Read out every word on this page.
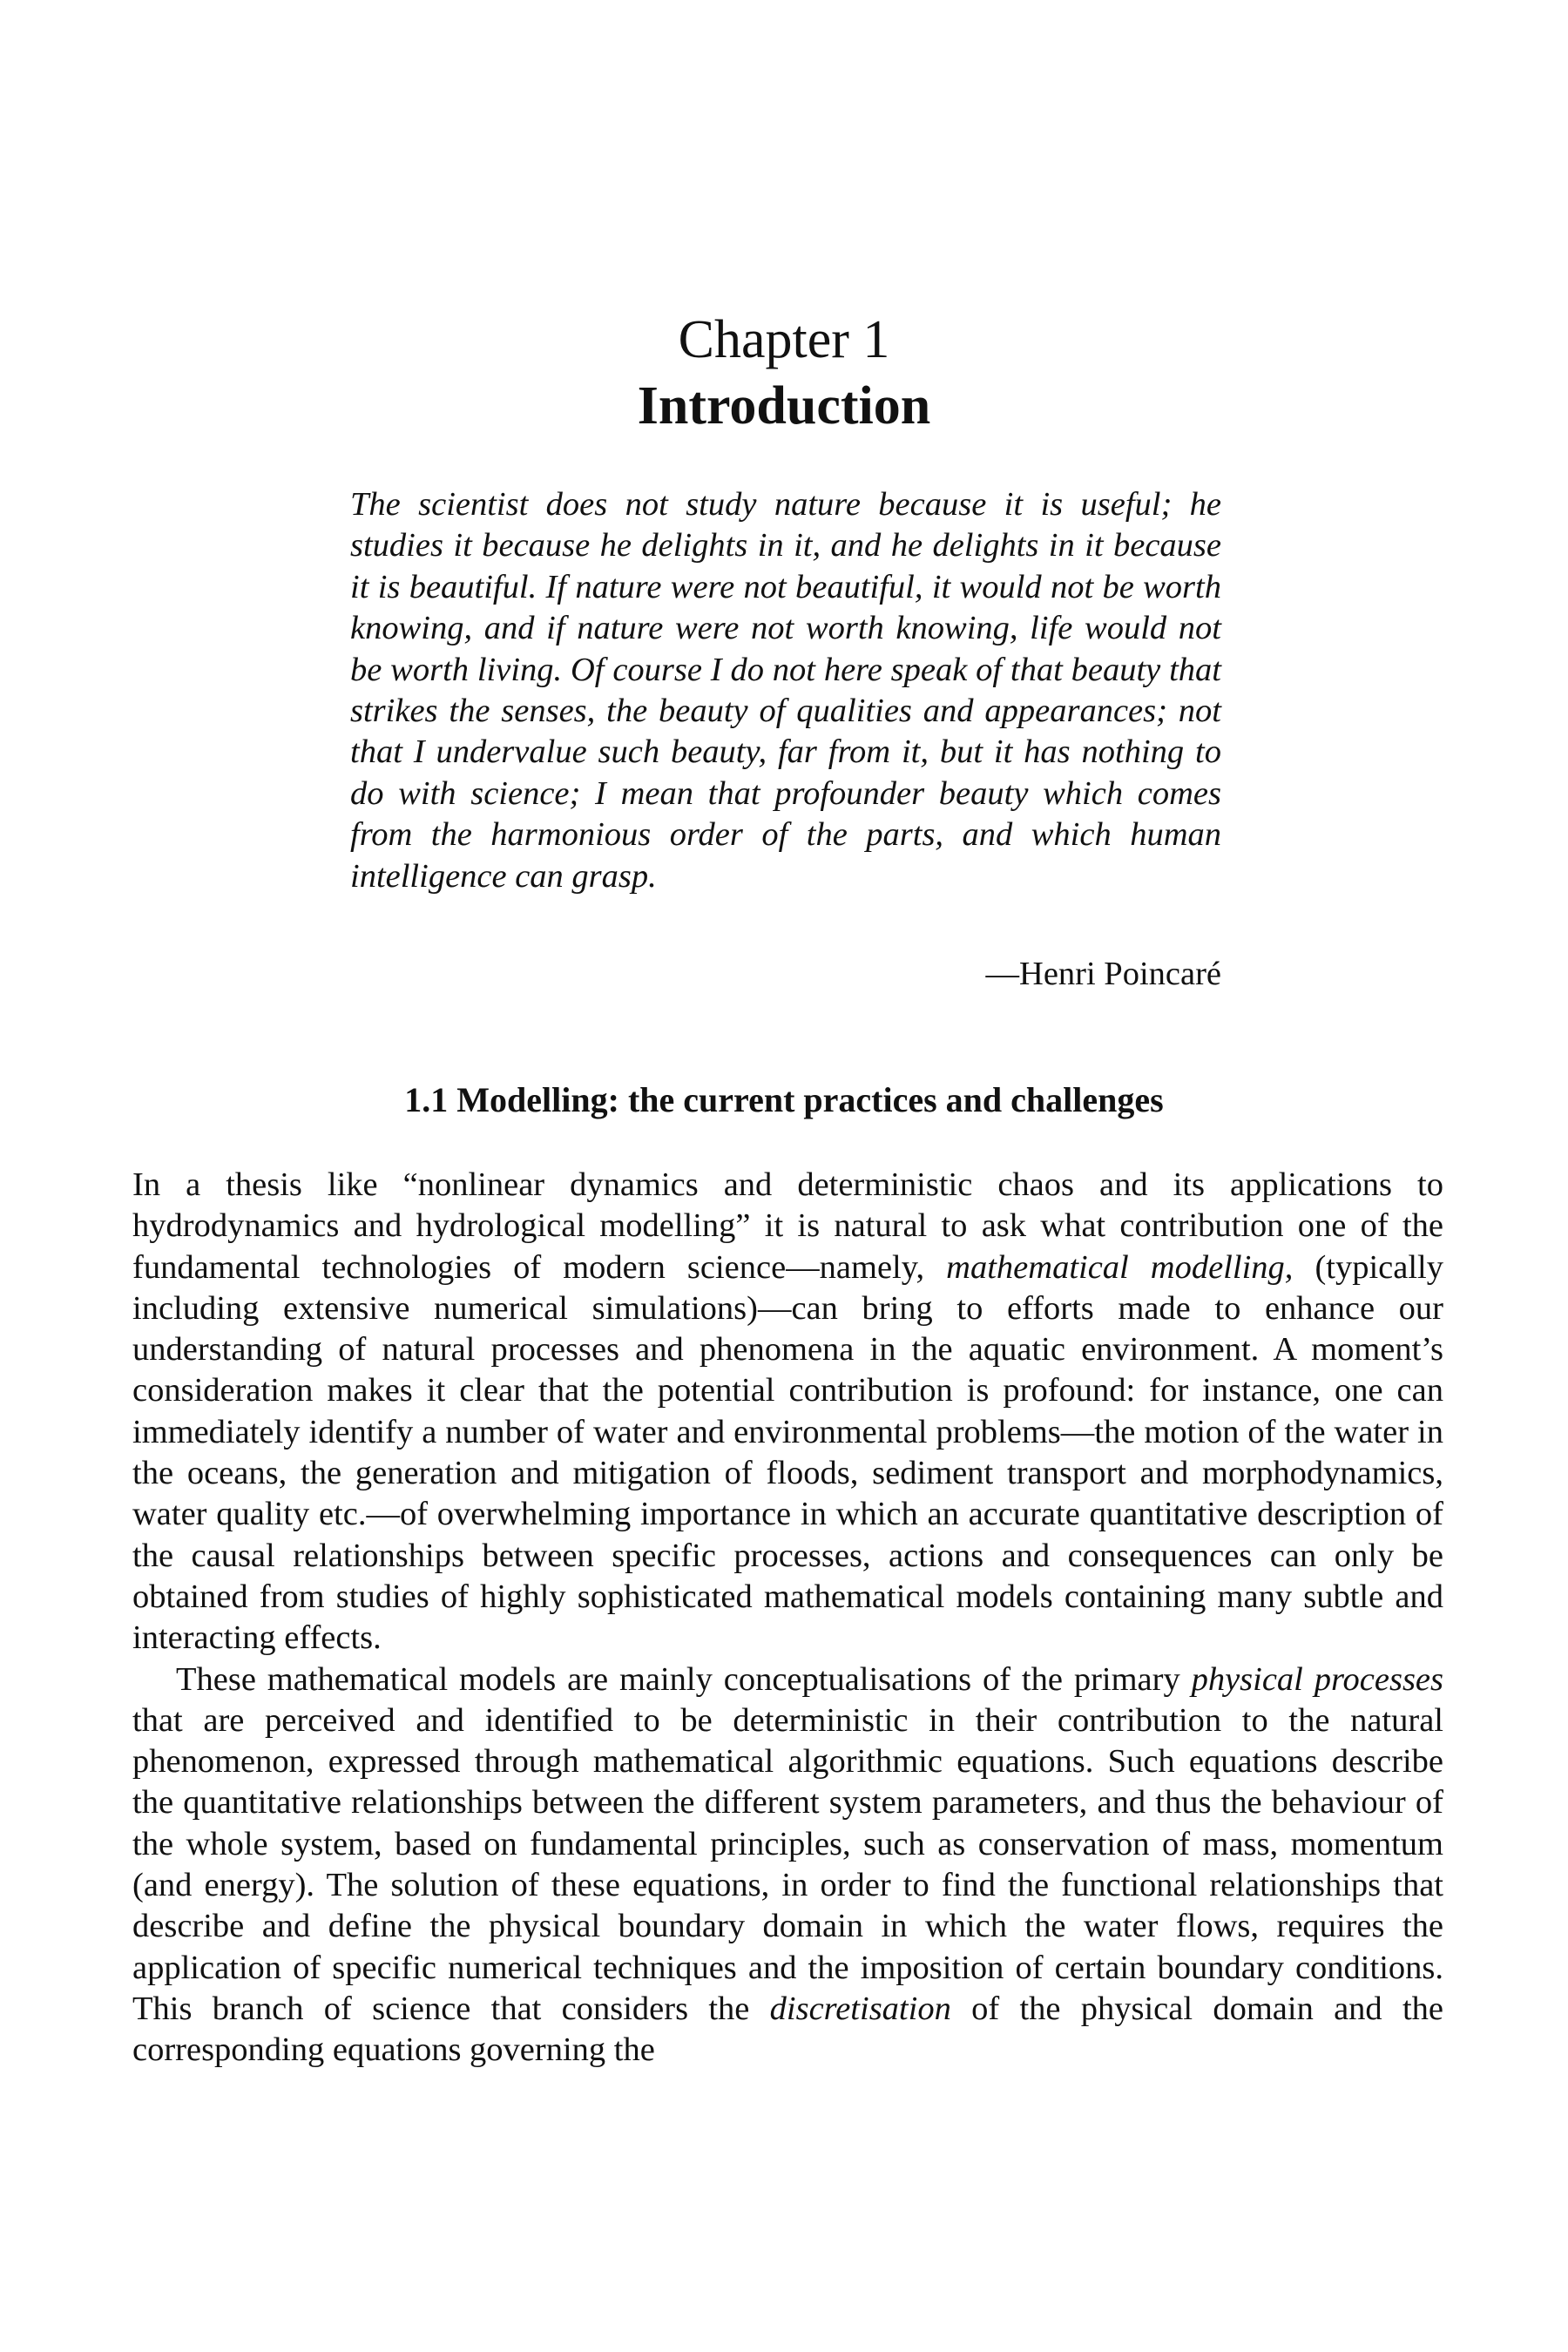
Chapter 1
Introduction

The scientist does not study nature because it is useful; he studies it because he delights in it, and he delights in it because it is beautiful. If nature were not beautiful, it would not be worth knowing, and if nature were not worth knowing, life would not be worth living. Of course I do not here speak of that beauty that strikes the senses, the beauty of qualities and appearances; not that I undervalue such beauty, far from it, but it has nothing to do with science; I mean that profounder beauty which comes from the harmonious order of the parts, and which human intelligence can grasp.

—Henri Poincaré

1.1 Modelling: the current practices and challenges

In a thesis like “nonlinear dynamics and deterministic chaos and its applications to hydrodynamics and hydrological modelling” it is natural to ask what contribution one of the fundamental technologies of modern science—namely, mathematical modelling, (typically including extensive numerical simulations)—can bring to efforts made to enhance our understanding of natural processes and phenomena in the aquatic environment. A moment’s consideration makes it clear that the potential contribution is profound: for instance, one can immediately identify a number of water and environmental problems—the motion of the water in the oceans, the generation and mitigation of floods, sediment transport and morphodynamics, water quality etc.—of overwhelming importance in which an accurate quantitative description of the causal relationships between specific processes, actions and consequences can only be obtained from studies of highly sophisticated mathematical models containing many subtle and interacting effects.

These mathematical models are mainly conceptualisations of the primary physical processes that are perceived and identified to be deterministic in their contribution to the natural phenomenon, expressed through mathematical algorithmic equations. Such equations describe the quantitative relationships between the different system parameters, and thus the behaviour of the whole system, based on fundamental principles, such as conservation of mass, momentum (and energy). The solution of these equations, in order to find the functional relationships that describe and define the physical boundary domain in which the water flows, requires the application of specific numerical techniques and the imposition of certain boundary conditions. This branch of science that considers the discretisation of the physical domain and the corresponding equations governing the
